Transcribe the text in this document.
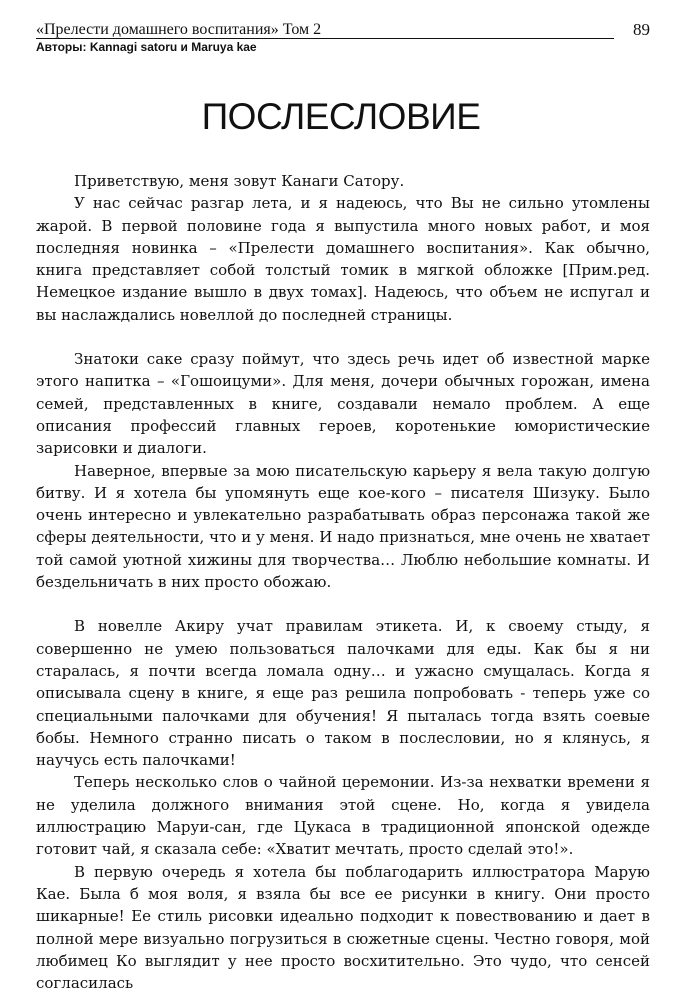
«Прелести домашнего воспитания» Том 2	89
Авторы: Kannagi satoru и Maruya kae
ПОСЛЕСЛОВИЕ

Приветствую, меня зовут Канаги Сатору.

У нас сейчас разгар лета, и я надеюсь, что Вы не сильно утомлены жарой. В первой половине года я выпустила много новых работ, и моя последняя новинка – «Прелести домашнего воспитания». Как обычно, книга представляет собой толстый томик в мягкой обложке [Прим.ред. Немецкое издание вышло в двух томах]. Надеюсь, что объем не испугал и вы наслаждались новеллой до последней страницы.

Знатоки саке сразу поймут, что здесь речь идет об известной марке этого напитка – «Гошоицуми». Для меня, дочери обычных горожан, имена семей, представленных в книге, создавали немало проблем. А еще описания профессий главных героев, коротенькие юмористические зарисовки и диалоги.

Наверное, впервые за мою писательскую карьеру я вела такую долгую битву. И я хотела бы упомянуть еще кое-кого – писателя Шизуку. Было очень интересно и увлекательно разрабатывать образ персонажа такой же сферы деятельности, что и у меня. И надо признаться, мне очень не хватает той самой уютной хижины для творчества… Люблю небольшие комнаты. И бездельничать в них просто обожаю.

В новелле Акиру учат правилам этикета. И, к своему стыду, я совершенно не умею пользоваться палочками для еды. Как бы я ни старалась, я почти всегда ломала одну… и ужасно смущалась. Когда я описывала сцену в книге, я еще раз решила попробовать - теперь уже со специальными палочками для обучения! Я пыталась тогда взять соевые бобы. Немного странно писать о таком в послесловии, но я клянусь, я научусь есть палочками!

Теперь несколько слов о чайной церемонии. Из-за нехватки времени я не уделила должного внимания этой сцене. Но, когда я увидела иллюстрацию Маруи-сан, где Цукаса в традиционной японской одежде готовит чай, я сказала себе: «Хватит мечтать, просто сделай это!».

В первую очередь я хотела бы поблагодарить иллюстратора Марую Кае. Была б моя воля, я взяла бы все ее рисунки в книгу. Они просто шикарные! Ее стиль рисовки идеально подходит к повествованию и дает в полной мере визуально погрузиться в сюжетные сцены. Честно говоря, мой любимец Ко выглядит у нее просто восхитительно. Это чудо, что сенсей согласилась
